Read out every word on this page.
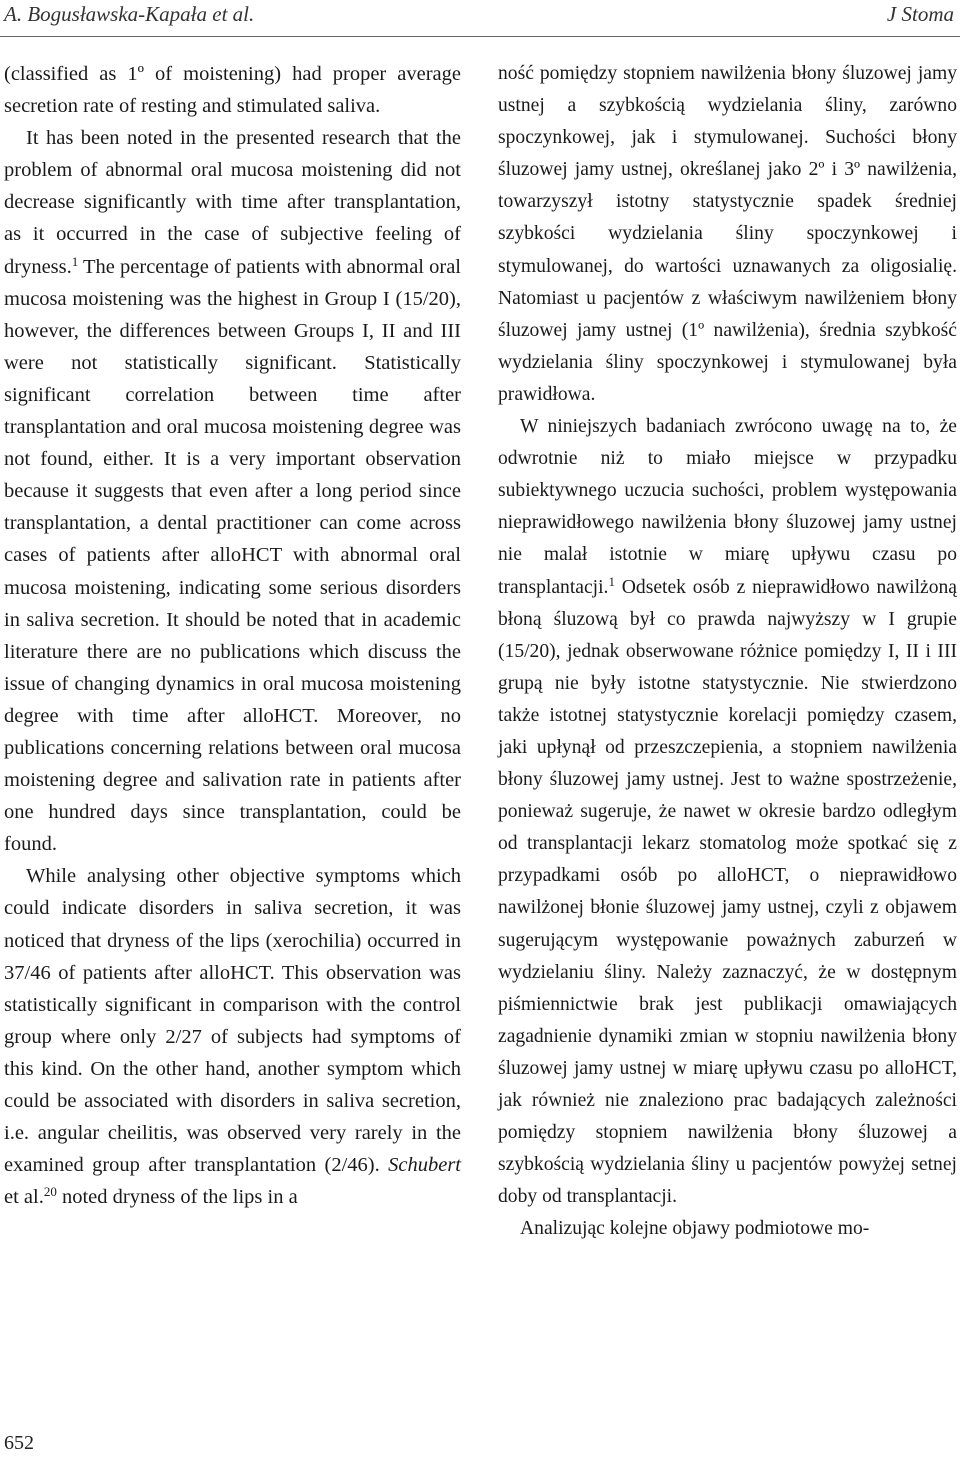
A. Bogusławska-Kapała et al.	J Stoma

(classified as 1º of moistening) had proper average secretion rate of resting and stimulated saliva.

It has been noted in the presented research that the problem of abnormal oral mucosa moistening did not decrease significantly with time after transplantation, as it occurred in the case of subjective feeling of dryness.$^1$ The percentage of patients with abnormal oral mucosa moistening was the highest in Group I (15/20), however, the differences between Groups I, II and III were not statistically significant. Statistically significant correlation between time after transplantation and oral mucosa moistening degree was not found, either. It is a very important observation because it suggests that even after a long period since transplantation, a dental practitioner can come across cases of patients after alloHCT with abnormal oral mucosa moistening, indicating some serious disorders in saliva secretion. It should be noted that in academic literature there are no publications which discuss the issue of changing dynamics in oral mucosa moistening degree with time after alloHCT. Moreover, no publications concerning relations between oral mucosa moistening degree and salivation rate in patients after one hundred days since transplantation, could be found.

While analysing other objective symptoms which could indicate disorders in saliva secretion, it was noticed that dryness of the lips (xerochilia) occurred in 37/46 of patients after alloHCT. This observation was statistically significant in comparison with the control group where only 2/27 of subjects had symptoms of this kind. On the other hand, another symptom which could be associated with disorders in saliva secretion, i.e. angular cheilitis, was observed very rarely in the examined group after transplantation (2/46). Schubert et al.$^{20}$ noted dryness of the lips in a

ność pomiędzy stopniem nawilżenia błony śluzowej jamy ustnej a szybkością wydzielania śliny, zarówno spoczynkowej, jak i stymulowanej. Suchości błony śluzowej jamy ustnej, określanej jako 2º i 3º nawilżenia, towarzyszył istotny statystycznie spadek średniej szybkości wydzielania śliny spoczynkowej i stymulowanej, do wartości uznawanych za oligosialię. Natomiast u pacjentów z właściwym nawilżeniem błony śluzowej jamy ustnej (1º nawilżenia), średnia szybkość wydzielania śliny spoczynkowej i stymulowanej była prawidłowa.

W niniejszych badaniach zwrócono uwagę na to, że odwrotnie niż to miało miejsce w przypadku subiektywnego uczucia suchości, problem występowania nieprawidłowego nawilżenia błony śluzowej jamy ustnej nie malał istotnie w miarę upływu czasu po transplantacji.$^1$ Odsetek osób z nieprawidłowo nawilżoną błoną śluzową był co prawda najwyższy w I grupie (15/20), jednak obserwowane różnice pomiędzy I, II i III grupą nie były istotne statystycznie. Nie stwierdzono także istotnej statystycznie korelacji pomiędzy czasem, jaki upłynął od przeszczepienia, a stopniem nawilżenia błony śluzowej jamy ustnej. Jest to ważne spostrzeżenie, ponieważ sugeruje, że nawet w okresie bardzo odległym od transplantacji lekarz stomatolog może spotkać się z przypadkami osób po alloHCT, o nieprawidłowo nawilżonej błonie śluzowej jamy ustnej, czyli z objawem sugerującym występowanie poważnych zaburzeń w wydzielaniu śliny. Należy zaznaczyć, że w dostępnym piśmiennictwie brak jest publikacji omawiających zagadnienie dynamiki zmian w stopniu nawilżenia błony śluzowej jamy ustnej w miarę upływu czasu po alloHCT, jak również nie znaleziono prac badających zależności pomiędzy stopniem nawilżenia błony śluzowej a szybkością wydzielania śliny u pacjentów powyżej setnej doby od transplantacji.

Analizując kolejne objawy podmiotowe mo-

652
